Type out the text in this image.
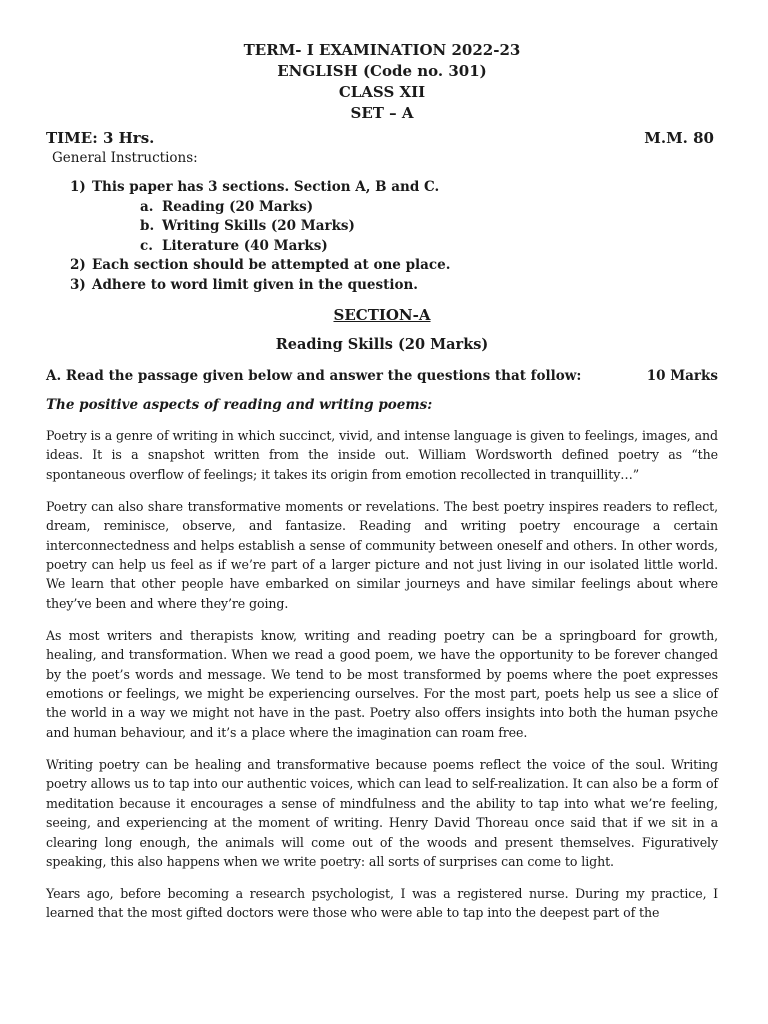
TERM- I EXAMINATION 2022-23
ENGLISH (Code no. 301)
CLASS XII
SET – A
TIME: 3 Hrs.	M.M. 80
General Instructions:
1) This paper has 3 sections. Section A, B and C.
a. Reading (20 Marks)
b. Writing Skills (20 Marks)
c. Literature (40 Marks)
2) Each section should be attempted at one place.
3) Adhere to word limit given in the question.
SECTION-A
Reading Skills (20 Marks)
A. Read the passage given below and answer the questions that follow:	10 Marks
The positive aspects of reading and writing poems:

Poetry is a genre of writing in which succinct, vivid, and intense language is given to feelings, images, and ideas. It is a snapshot written from the inside out. William Wordsworth defined poetry as “the spontaneous overflow of feelings; it takes its origin from emotion recollected in tranquillity…”

Poetry can also share transformative moments or revelations. The best poetry inspires readers to reflect, dream, reminisce, observe, and fantasize. Reading and writing poetry encourage a certain interconnectedness and helps establish a sense of community between oneself and others. In other words, poetry can help us feel as if we’re part of a larger picture and not just living in our isolated little world. We learn that other people have embarked on similar journeys and have similar feelings about where they’ve been and where they’re going.

As most writers and therapists know, writing and reading poetry can be a springboard for growth, healing, and transformation. When we read a good poem, we have the opportunity to be forever changed by the poet’s words and message. We tend to be most transformed by poems where the poet expresses emotions or feelings, we might be experiencing ourselves. For the most part, poets help us see a slice of the world in a way we might not have in the past. Poetry also offers insights into both the human psyche and human behaviour, and it’s a place where the imagination can roam free.

Writing poetry can be healing and transformative because poems reflect the voice of the soul. Writing poetry allows us to tap into our authentic voices, which can lead to self-realization. It can also be a form of meditation because it encourages a sense of mindfulness and the ability to tap into what we’re feeling, seeing, and experiencing at the moment of writing. Henry David Thoreau once said that if we sit in a clearing long enough, the animals will come out of the woods and present themselves. Figuratively speaking, this also happens when we write poetry: all sorts of surprises can come to light.

Years ago, before becoming a research psychologist, I was a registered nurse. During my practice, I learned that the most gifted doctors were those who were able to tap into the deepest part of the
